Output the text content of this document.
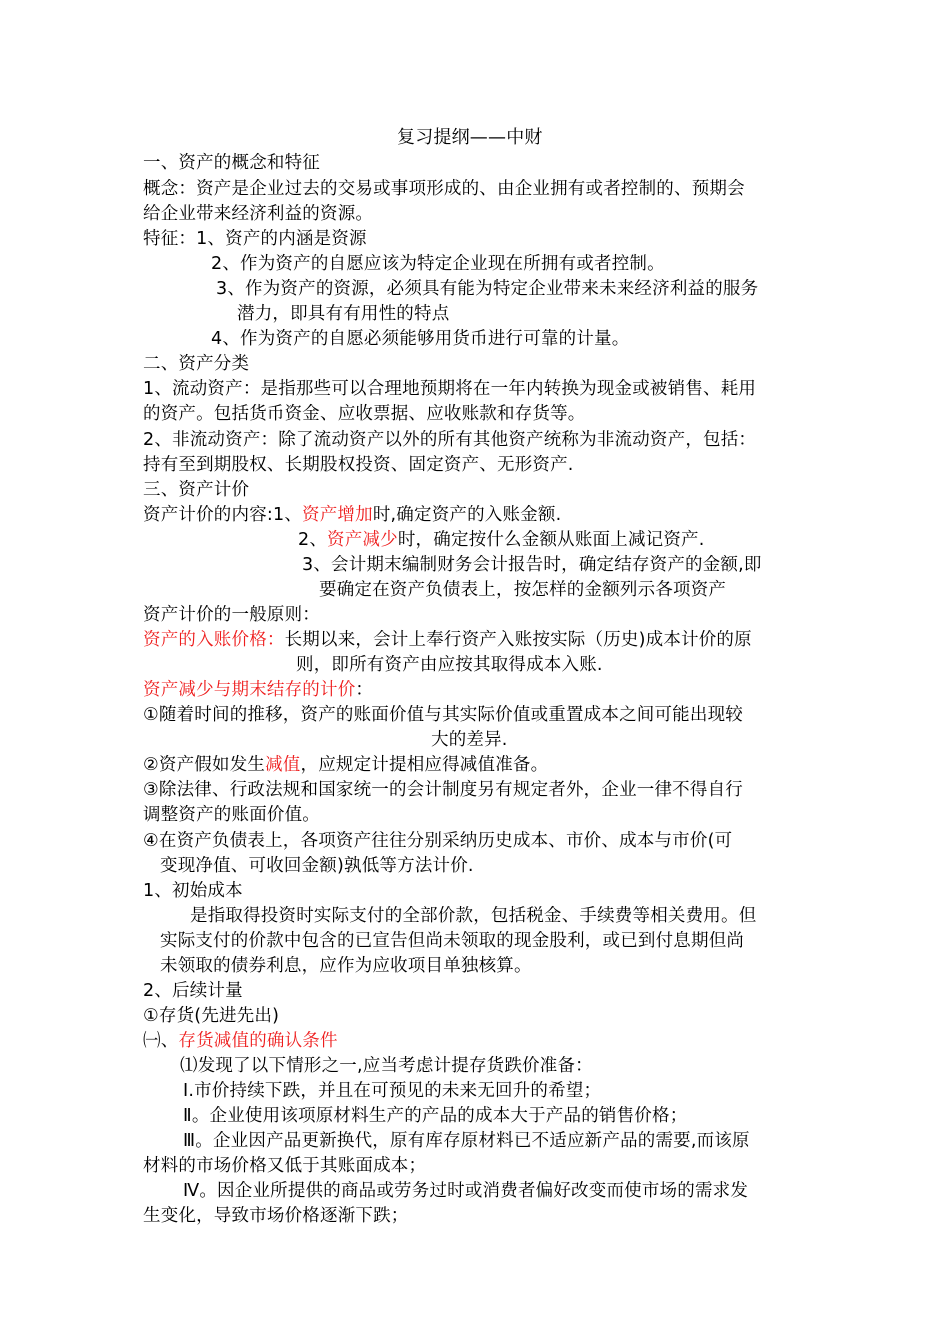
复习提纲——中财
一、资产的概念和特征
概念：资产是企业过去的交易或事项形成的、由企业拥有或者控制的、预期会
给企业带来经济利益的资源。
特征：1、资产的内涵是资源
2、作为资产的自愿应该为特定企业现在所拥有或者控制。
3、作为资产的资源，必须具有能为特定企业带来未来经济利益的服务
潜力，即具有有用性的特点
4、作为资产的自愿必须能够用货币进行可靠的计量。
二、资产分类
1、流动资产：是指那些可以合理地预期将在一年内转换为现金或被销售、耗用
的资产。包括货币资金、应收票据、应收账款和存货等。
2、非流动资产：除了流动资产以外的所有其他资产统称为非流动资产，包括：
持有至到期股权、长期股权投资、固定资产、无形资产.
三、资产计价
资产计价的内容:1、资产增加时,确定资产的入账金额.
2、资产减少时，确定按什么金额从账面上减记资产.
3、会计期末编制财务会计报告时，确定结存资产的金额,即
要确定在资产负债表上，按怎样的金额列示各项资产
资产计价的一般原则：
资产的入账价格：长期以来，会计上奉行资产入账按实际（历史)成本计价的原
则，即所有资产由应按其取得成本入账.
资产减少与期末结存的计价：
①随着时间的推移，资产的账面价值与其实际价值或重置成本之间可能出现较
大的差异.
②资产假如发生减值，应规定计提相应得减值准备。
③除法律、行政法规和国家统一的会计制度另有规定者外，企业一律不得自行
调整资产的账面价值。
④在资产负债表上，各项资产往往分别采纳历史成本、市价、成本与市价(可
变现净值、可收回金额)孰低等方法计价.
1、初始成本
是指取得投资时实际支付的全部价款，包括税金、手续费等相关费用。但
实际支付的价款中包含的已宣告但尚未领取的现金股利，或已到付息期但尚
未领取的债券利息，应作为应收项目单独核算。
2、后续计量
①存货(先进先出)
㈠、存货减值的确认条件
⑴发现了以下情形之一,应当考虑计提存货跌价准备：
Ⅰ.市价持续下跌，并且在可预见的未来无回升的希望；
Ⅱ。企业使用该项原材料生产的产品的成本大于产品的销售价格；
Ⅲ。企业因产品更新换代，原有库存原材料已不适应新产品的需要,而该原
材料的市场价格又低于其账面成本；
Ⅳ。因企业所提供的商品或劳务过时或消费者偏好改变而使市场的需求发
生变化，导致市场价格逐渐下跌；
